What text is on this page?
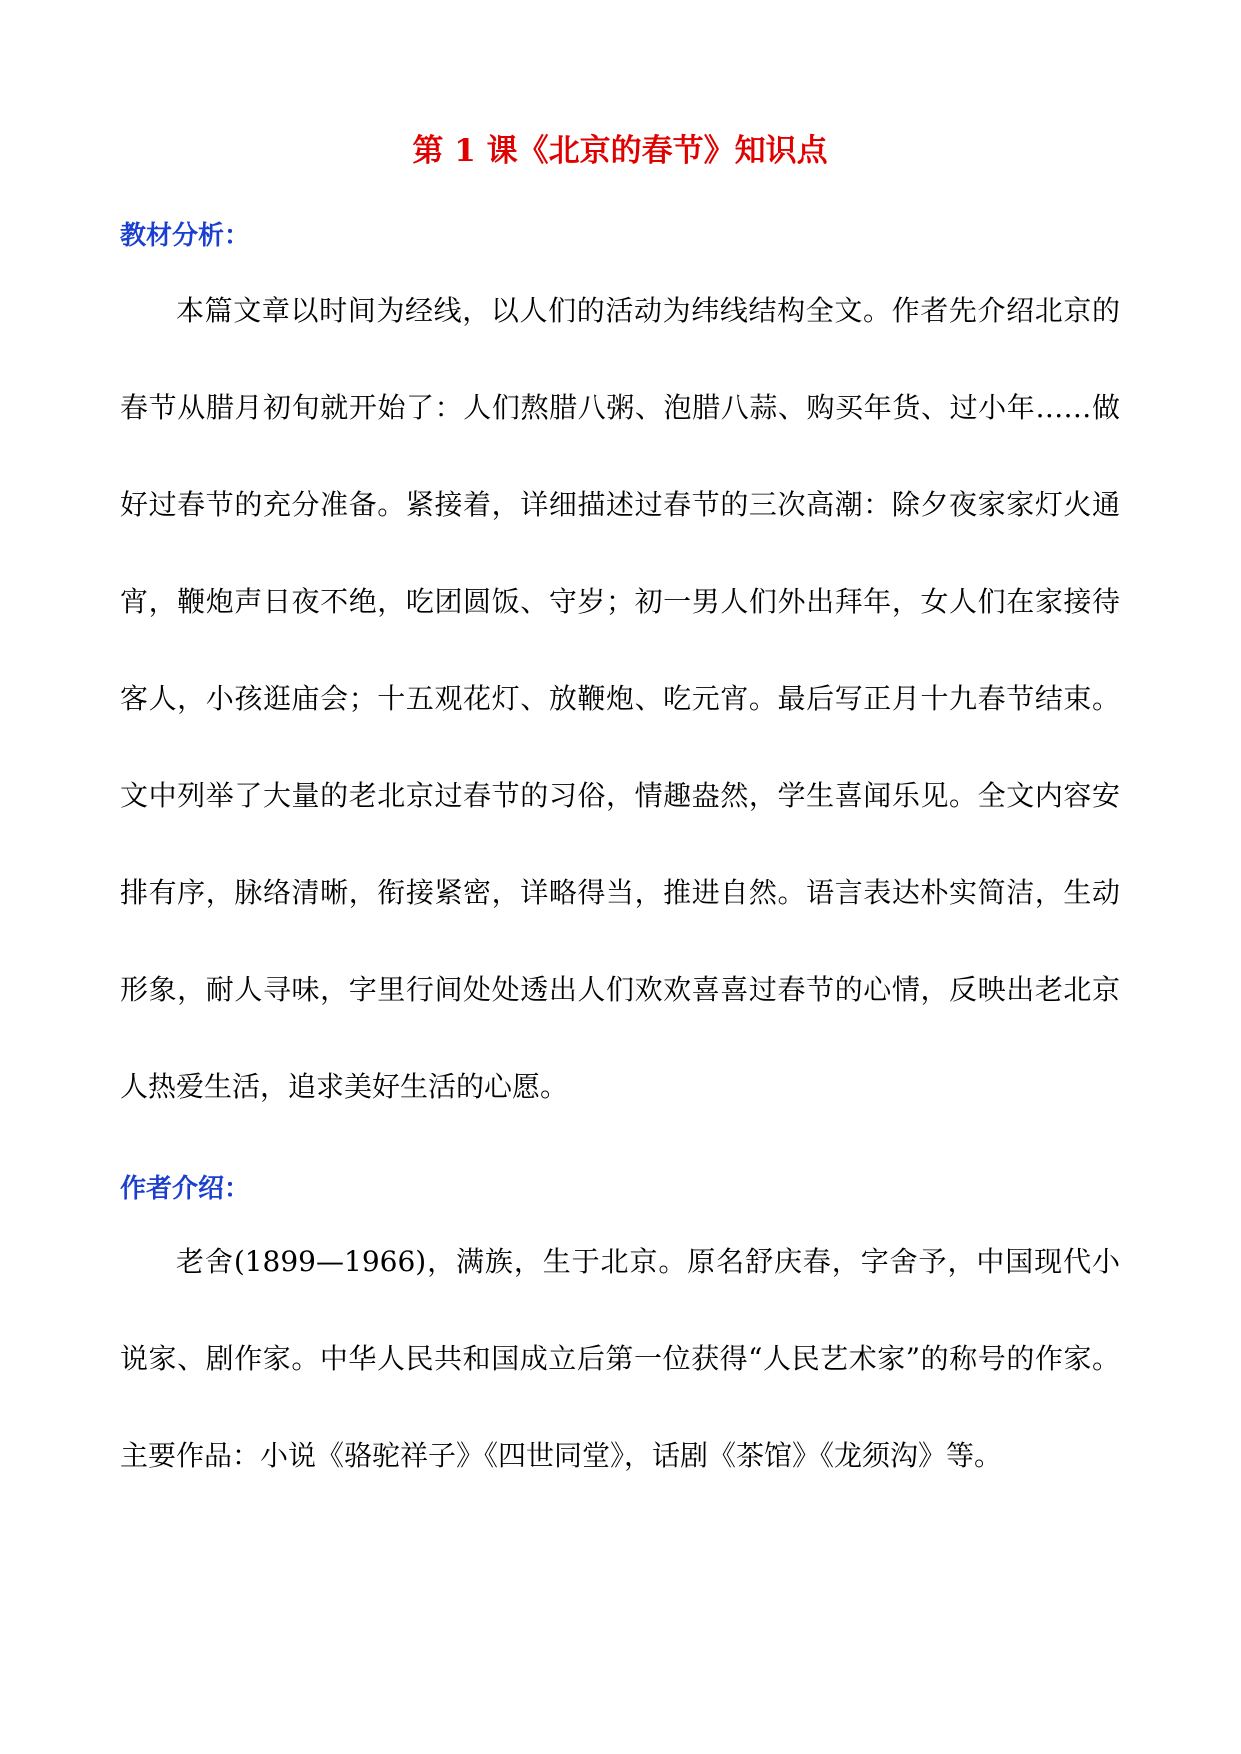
第 1 课《北京的春节》知识点
教材分析：

本篇文章以时间为经线，以人们的活动为纬线结构全文。作者先介绍北京的春节从腊月初旬就开始了：人们熬腊八粥、泡腊八蒜、购买年货、过小年……做好过春节的充分准备。紧接着，详细描述过春节的三次高潮：除夕夜家家灯火通宵，鞭炮声日夜不绝，吃团圆饭、守岁；初一男人们外出拜年，女人们在家接待客人，小孩逛庙会；十五观花灯、放鞭炮、吃元宵。最后写正月十九春节结束。文中列举了大量的老北京过春节的习俗，情趣盎然，学生喜闻乐见。全文内容安排有序，脉络清晰，衔接紧密，详略得当，推进自然。语言表达朴实简洁，生动形象，耐人寻味，字里行间处处透出人们欢欢喜喜过春节的心情，反映出老北京人热爱生活，追求美好生活的心愿。

作者介绍：

老舍(1899—1966)，满族，生于北京。原名舒庆春，字舍予，中国现代小说家、剧作家。中华人民共和国成立后第一位获得“人民艺术家”的称号的作家。主要作品：小说《骆驼祥子》《四世同堂》，话剧《茶馆》《龙须沟》等。
